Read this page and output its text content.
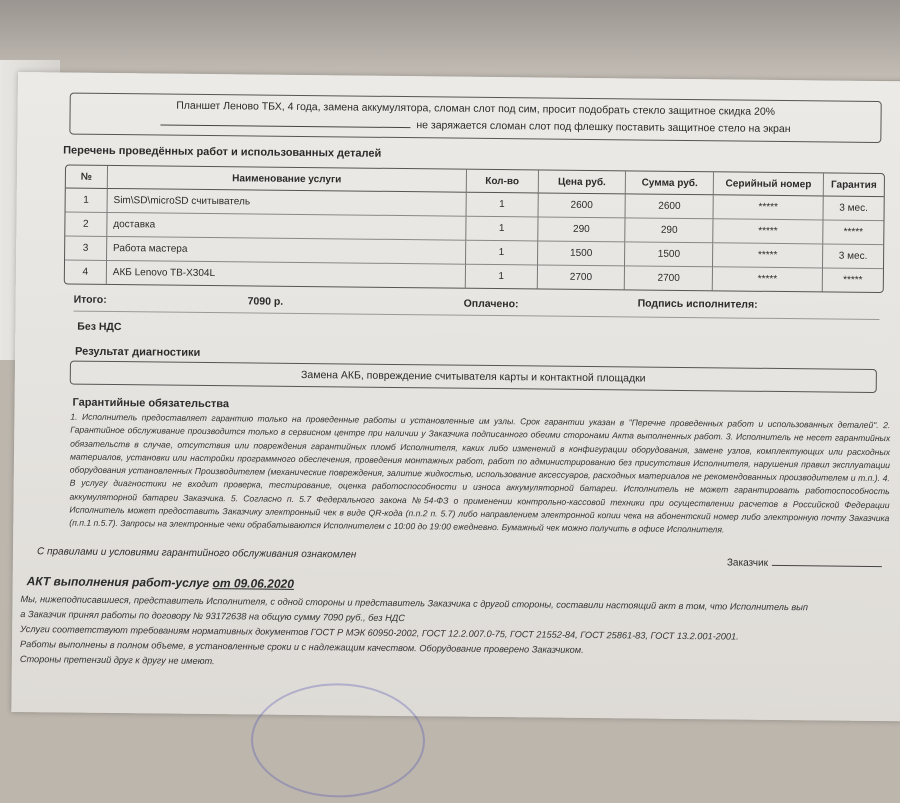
Планшет Леново ТБХ, 4 года, замена аккумулятора, сломан слот под сим, просит подобрать стекло защитное скидка 20%
не заряжается сломан слот под флешку поставить защитное стело на экран
Перечень проведённых работ и использованных деталей
№	Наименование услуги	Кол-во	Цена руб.	Сумма руб.	Серийный номер	Гарантия
1	Sim\SD\microSD считыватель	1	2600	2600	*****	3 мес.
2	доставка	1	290	290	*****	*****
3	Работа мастера	1	1500	1500	*****	3 мес.
4	АКБ Lenovo TB-X304L	1	2700	2700	*****	*****
Итого:	7090 р.	Оплачено:	Подпись исполнителя:
Без НДС
Результат диагностики
Замена АКБ, повреждение считывателя карты и контактной площадки
Гарантийные обязательства
1. Исполнитель предоставляет гарантию только на проведенные работы и установленные им узлы. Срок гарантии указан в "Перечне проведенных работ и использованных деталей". 2. Гарантийное обслуживание производится только в сервисном центре при наличии у Заказчика подписанного обеими сторонами Акта выполненных работ. 3. Исполнитель не несет гарантийных обязательств в случае, отсутствия или повреждения гарантийных пломб Исполнителя, каких либо изменений в конфигурации оборудования, замене узлов, комплектующих или расходных материалов, установки или настройки программного обеспечения, проведения монтажных работ, работ по администрированию без присутствия Исполнителя, нарушения правил эксплуатации оборудования установленных Производителем (механические повреждения, залитие жидкостью, использование аксессуаров, расходных материалов не рекомендованных производителем и т.п.). 4. В услугу диагностики не входит проверка, тестирование, оценка работоспособности и износа аккумуляторной батареи. Исполнитель не может гарантировать работоспособность аккумуляторной батареи Заказчика. 5. Согласно п. 5.7 Федерального закона №54-ФЗ о применении контрольно-кассовой техники при осуществлении расчетов в Российской Федерации Исполнитель может предоставить Заказчику электронный чек в виде QR-кода (п.п.2 п. 5.7) либо направлением электронной копии чека на абонентский номер либо электронную почту Заказчика (п.п.1 п.5.7). Запросы на электронные чеки обрабатываются Исполнителем с 10:00 до 19:00 ежедневно. Бумажный чек можно получить в офисе Исполнителя.
С правилами и условиями гарантийного обслуживания ознакомлен
Заказчик
АКТ выполнения работ-услуг от 09.06.2020

Мы, нижеподписавшиеся, представитель Исполнителя, с одной стороны и представитель Заказчика с другой стороны, составили настоящий акт в том, что Исполнитель вып

а Заказчик принял работы по договору № 93172638 на общую сумму 7090 руб., без НДС

Услуги соответствуют требованиям нормативных документов ГОСТ Р МЭК 60950-2002, ГОСТ 12.2.007.0-75, ГОСТ 21552-84, ГОСТ 25861-83, ГОСТ 13.2.001-2001.

Работы выполнены в полном объеме, в установленные сроки и с надлежащим качеством. Оборудование проверено Заказчиком.

Стороны претензий друг к другу не имеют.
